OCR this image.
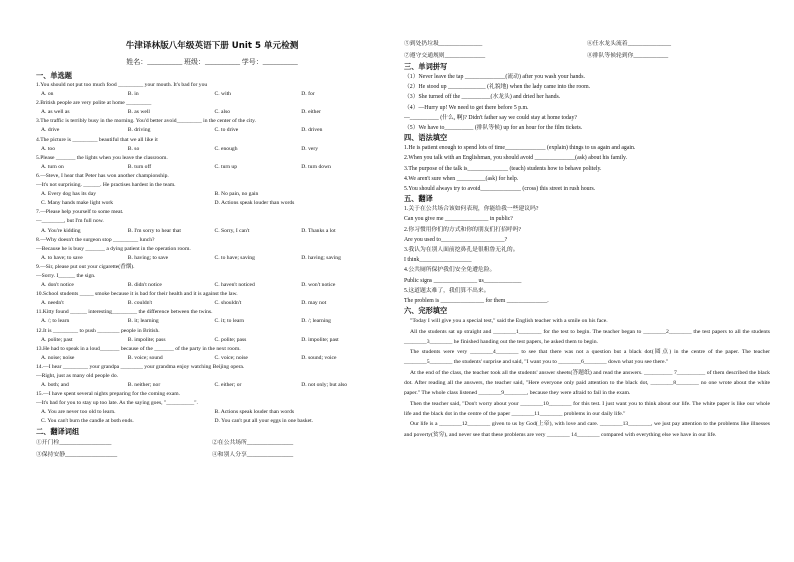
牛津译林版八年级英语下册 Unit 5 单元检测
姓名：__________ 班级：__________ 学号：__________
一、单选题
1.You should not put too much food _________ your mouth. It's bad for you
A. on	B. in	C. with	D. for
2.British people are very polite at home _________
A. as well as	B. as well	C. also	D. either
3.The traffic is terribly busy in the morning. You'd better avoid_________ in the center of the city.
A. drive	B. driving	C. to drive	D. driven
4.The picture is _________ beautiful that we all like it
A. too	B. so	C. enough	D. very
5.Please _______ the lights when you leave the classroom.
A. turn on	B. turn off	C. turn up	D. turn down
6.—Steve, I hear that Peter has won another championship.
—It's not surprising. ______. He practises hardest in the team.
A. Every dog has its day	B. No pain, no gain
C. Many hands make light work	D. Actions speak louder than words
7.—Please help yourself to some meat.
—________, but I'm full now.
A. You're kidding	B. I'm sorry to hear that	C. Sorry, I can't	D. Thanks a lot
8.—Why doesn't the surgeon stop _________ lunch?
—Because he is busy _______ a dying patient in the operation room.
A. to have; to save	B. having; to save	C. to have; saving	D. having; saving
9.—Sir, please put out your cigarette(香烟).
—Sorry. I______ the sign.
A. don't notice	B. didn't notice	C. haven't noticed	D. won't notice
10.School students _____ smoke because it is bad for their health and it is against the law.
A. needn't	B. couldn't	C. shouldn't	D. may not
11.Kitty found ______ interesting_________ the difference between the twins.
A. /; to learn	B. it; learning	C. it; to learn	D. /; learning
12.It is _________ to push ________ people in British.
A. polite; past	B. impolite; pass	C. polite; pass	D. impolite; past
13.He had to speak in a loud_______ because of the _______ of the party in the next room.
A. noise; noise	B. voice; sound	C. voice; noise	D. sound; voice
14.—I hear _________ your grandpa ________ your grandma enjoy watching Beijing opera.
—Right, just as many old people do.
A. both; and	B. neither; nor	C. either; or	D. not only; but also
15.—I have spent several nights preparing for the coming exam.
—It's bad for you to stay up too late. As the saying goes, "__________".
A. You are never too old to learn.	B. Actions speak louder than words
C. You can't burn the candle at both ends.	D. You can't put all your eggs in one basket.
二、翻译词组
①开门栓__________________	②在公共场所________________
③保持安静__________________	④和别人分享________________
⑤到处扔垃圾_______________	⑥任水龙头流着_______________
⑦遵守交通规则______________	⑧排队等候轮到你____________
三、单词拼写
（1）Never leave the tap ______________(流动) after you wash your hands.
（2）He stood up _____________ (礼貌地) when the lady came into the room.
（3）She turned off the __________(水龙头) and dried her hands.
（4）—Hurry up! We need to get there before 5 p.m.
—__________ (什么, 啊)? Didn't father say we could stay at home today?
（5）We have to__________ (排队等候) up for an hour for the film tickets.
四、语法填空
1.He is patient enough to spend lots of time______________ (explain) things to us again and again.
2.When you talk with an Englishman, you should avoid ______________(ask) about his family.
3.The purpose of the talk is______________ (teach) students how to behave politely.
4.We aren't sure when __________(ask) for help.
5.You should always try to avoid______________ (cross) this street in rush hours.
五、翻译
1.关于在公共场合该如何表现，你能给我一些建议吗?
Can you give me _______________ in public?
2.你习惯用你们的方式和你的朋友们打招呼吗?
Are you used to______________________?
3.我认为在别人面前挖鼻孔是很粗鲁无礼的。
I think__________________
4.公共厕所保护我们安全免遭危险。
Public signs _______________ us_____________
5.这道题太难了，我们算不出来。
The problem is _______________ for them ______________.
六、完形填空

"Today I will give you a special test," said the English teacher with a smile on his face.

All the students sat up straight and ________1________ for the test to begin. The teacher began to ________2________ the test papers to all the students ________3________ he finished handing out the test papers, he asked them to begin.

The students were very ________4________ to see that there was not a question but a black dot(圆点) in the centre of the paper. The teacher ________5________ the students' surprise and said, "I want you to ________6________ down what you see there."

At the end of the class, the teacher took all the students' answer sheets(答题纸) and read the answers. __________ 7__________ of them described the black dot. After reading all the answers, the teacher said, "Here everyone only paid attention to the black dot, ________8________ no one wrote about the white paper." The whole class listened ________9________, because they were afraid to fail in the exam.

Then the teacher said, "Don't worry about your ________10________ for this test. I just want you to think about our life. The white paper is like our whole life and the black dot in the centre of the paper ________11________ problems in our daily life."

Our life is a ________12________ given to us by God(上帝), with love and care. ________13________, we just pay attention to the problems like illnesses and poverty(贫穷), and never see that these problems are very ________ 14________ compared with everything else we have in our life.
